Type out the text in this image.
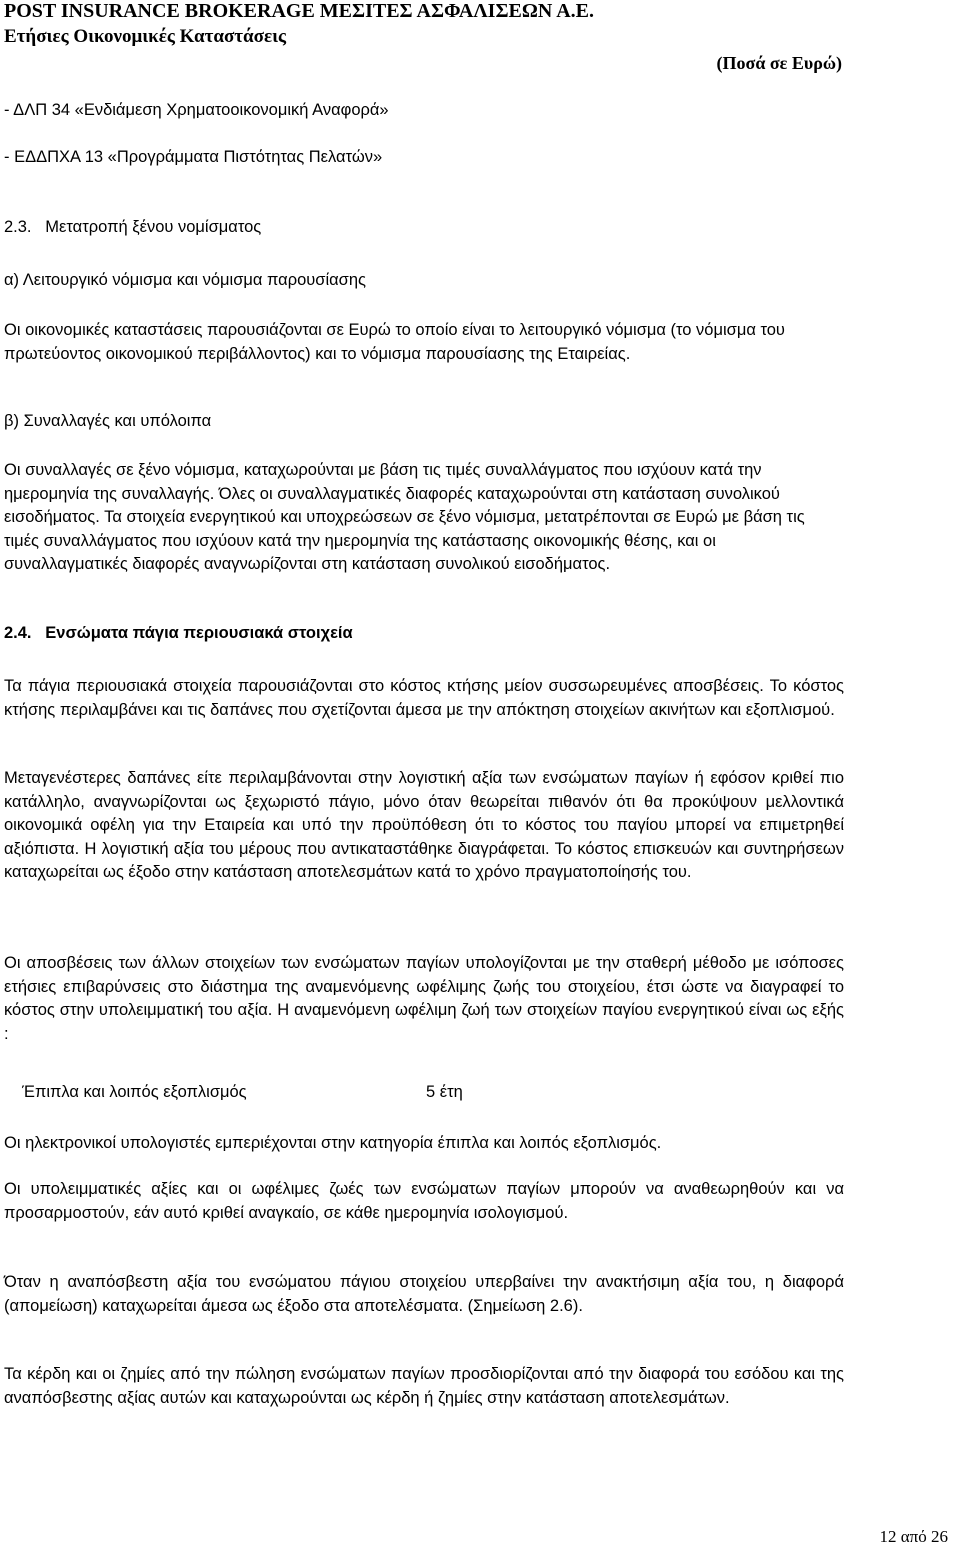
POST INSURANCE BROKERAGE ΜΕΣΙΤΕΣ ΑΣΦΑΛΙΣΕΩΝ Α.Ε.
Ετήσιες Οικονομικές Καταστάσεις
(Ποσά σε Ευρώ)
- ΔΛΠ 34 «Ενδιάμεση Χρηματοοικονομική Αναφορά»
- ΕΔΔΠΧΑ 13 «Προγράμματα Πιστότητας Πελατών»
2.3. Μετατροπή ξένου νομίσματος
α) Λειτουργικό νόμισμα και νόμισμα παρουσίασης
Οι οικονομικές καταστάσεις παρουσιάζονται σε Ευρώ το οποίο είναι το λειτουργικό νόμισμα (το νόμισμα του πρωτεύοντος οικονομικού περιβάλλοντος) και το νόμισμα παρουσίασης της Εταιρείας.
β) Συναλλαγές και υπόλοιπα
Οι συναλλαγές σε ξένο νόμισμα, καταχωρούνται με βάση τις τιμές συναλλάγματος που ισχύουν κατά την ημερομηνία της συναλλαγής. Όλες οι συναλλαγματικές διαφορές καταχωρούνται στη κατάσταση συνολικού εισοδήματος. Τα στοιχεία ενεργητικού και υποχρεώσεων σε ξένο νόμισμα, μετατρέπονται σε Ευρώ με βάση τις τιμές συναλλάγματος που ισχύουν κατά την ημερομηνία της κατάστασης οικονομικής θέσης, και οι συναλλαγματικές διαφορές αναγνωρίζονται στη κατάσταση συνολικού εισοδήματος.
2.4. Ενσώματα πάγια περιουσιακά στοιχεία
Τα πάγια περιουσιακά στοιχεία παρουσιάζονται στο κόστος κτήσης μείον συσσωρευμένες αποσβέσεις. Το κόστος κτήσης περιλαμβάνει και τις δαπάνες που σχετίζονται άμεσα με την απόκτηση στοιχείων ακινήτων και εξοπλισμού.
Μεταγενέστερες δαπάνες είτε περιλαμβάνονται στην λογιστική αξία των ενσώματων παγίων ή εφόσον κριθεί πιο κατάλληλο, αναγνωρίζονται ως ξεχωριστό πάγιο, μόνο όταν θεωρείται πιθανόν ότι θα προκύψουν μελλοντικά οικονομικά οφέλη για την Εταιρεία και υπό την προϋπόθεση ότι το κόστος του παγίου μπορεί να επιμετρηθεί αξιόπιστα. Η λογιστική αξία του μέρους που αντικαταστάθηκε διαγράφεται. Το κόστος επισκευών και συντηρήσεων καταχωρείται ως έξοδο στην κατάσταση αποτελεσμάτων κατά το χρόνο πραγματοποίησής του.
Οι αποσβέσεις των άλλων στοιχείων των ενσώματων παγίων υπολογίζονται με την σταθερή μέθοδο με ισόποσες ετήσιες επιβαρύνσεις στο διάστημα της αναμενόμενης ωφέλιμης ζωής του στοιχείου, έτσι ώστε να διαγραφεί το κόστος στην υπολειμματική του αξία. Η αναμενόμενη ωφέλιμη ζωή των στοιχείων παγίου ενεργητικού είναι ως εξής :
Έπιπλα και λοιπός εξοπλισμός	5 έτη
Οι ηλεκτρονικοί υπολογιστές εμπεριέχονται στην κατηγορία έπιπλα και λοιπός εξοπλισμός.
Οι υπολειμματικές αξίες και οι ωφέλιμες ζωές των ενσώματων παγίων μπορούν να αναθεωρηθούν και να προσαρμοστούν, εάν αυτό κριθεί αναγκαίο, σε κάθε ημερομηνία ισολογισμού.
Όταν η αναπόσβεστη αξία του ενσώματου πάγιου στοιχείου υπερβαίνει την ανακτήσιμη αξία του, η διαφορά (απομείωση) καταχωρείται άμεσα ως έξοδο στα αποτελέσματα. (Σημείωση 2.6).
Τα κέρδη και οι ζημίες από την πώληση ενσώματων παγίων προσδιορίζονται από την διαφορά του εσόδου και της αναπόσβεστης αξίας αυτών και καταχωρούνται ως κέρδη ή ζημίες στην κατάσταση αποτελεσμάτων.
12 από 26
